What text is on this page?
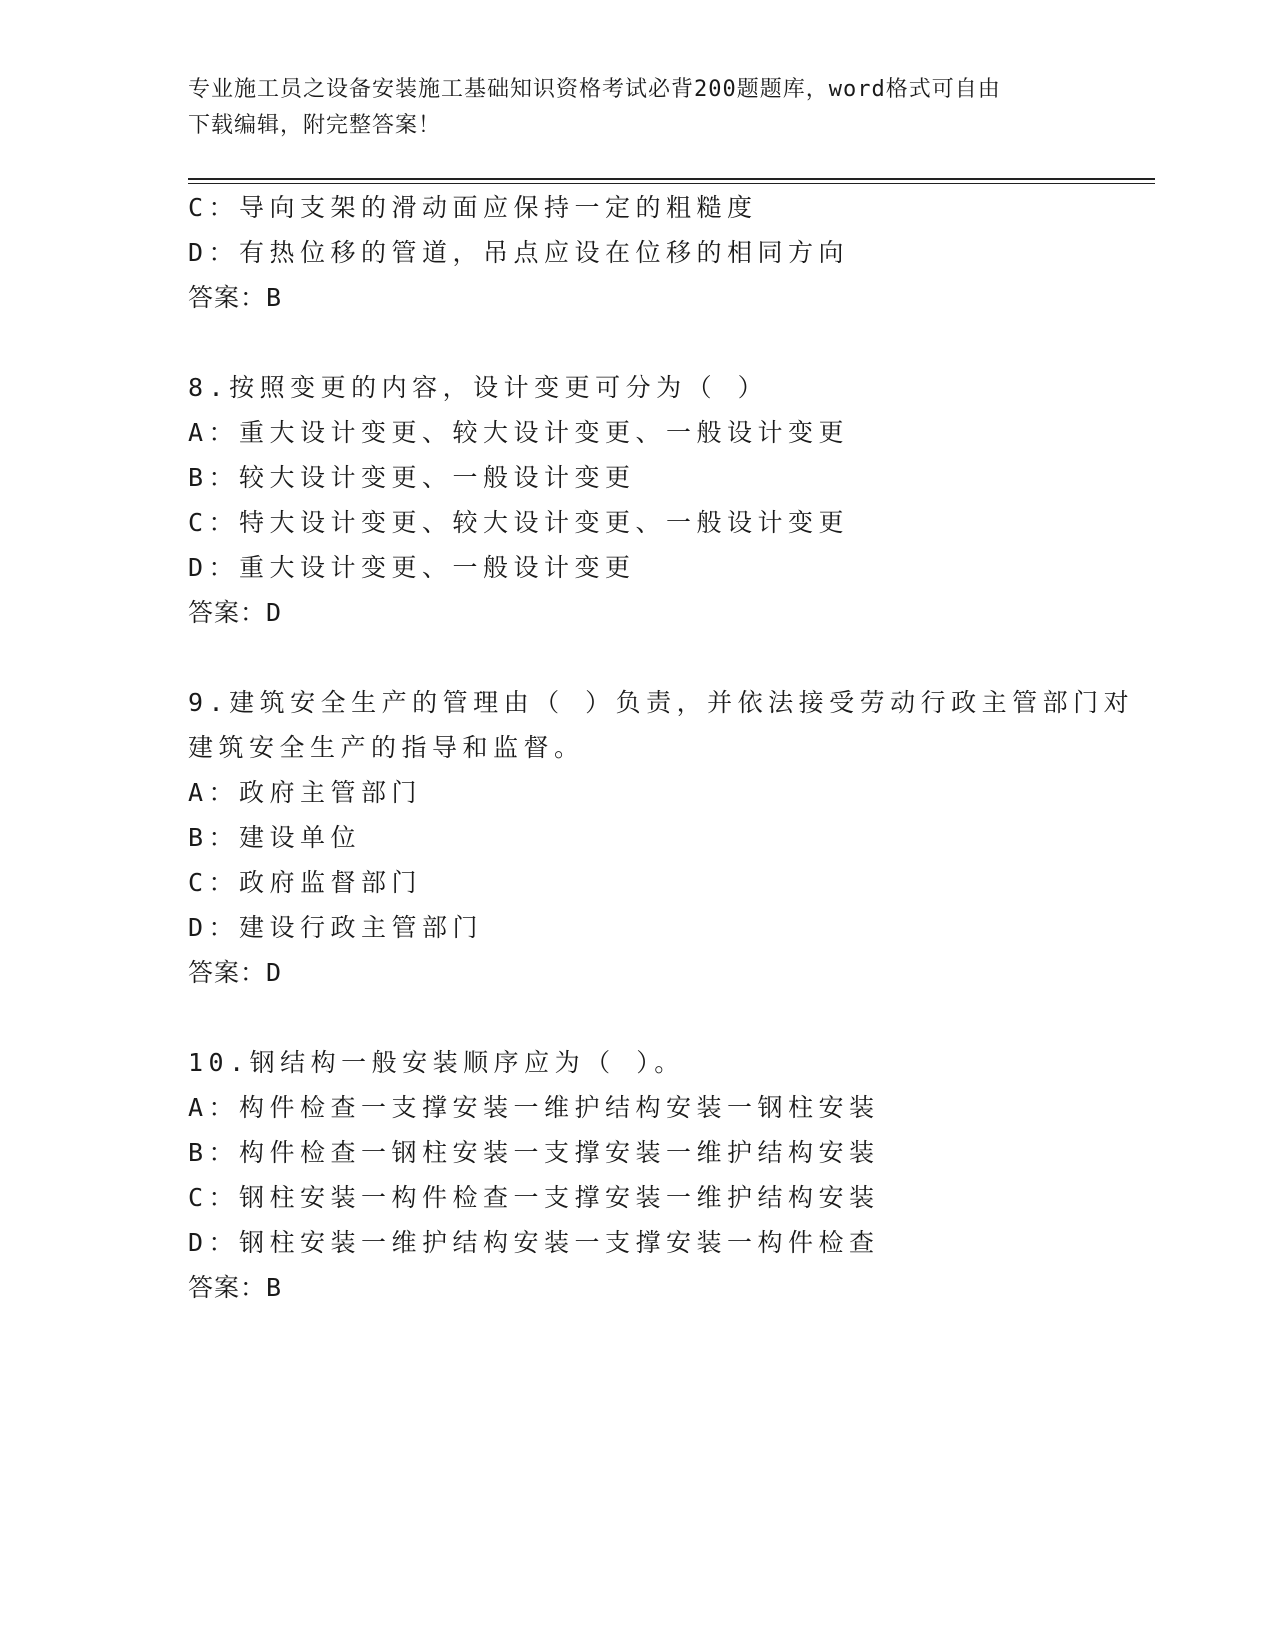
专业施工员之设备安装施工基础知识资格考试必背200题题库，word格式可自由
下载编辑，附完整答案！
C：导向支架的滑动面应保持一定的粗糙度
D：有热位移的管道，吊点应设在位移的相同方向
答案：B
8.按照变更的内容，设计变更可分为（ ）
A：重大设计变更、较大设计变更、一般设计变更
B：较大设计变更、一般设计变更
C：特大设计变更、较大设计变更、一般设计变更
D：重大设计变更、一般设计变更
答案：D
9.建筑安全生产的管理由（ ）负责，并依法接受劳动行政主管部门对
建筑安全生产的指导和监督。
A：政府主管部门
B：建设单位
C：政府监督部门
D：建设行政主管部门
答案：D
10.钢结构一般安装顺序应为（ ）。
A：构件检查一支撑安装一维护结构安装一钢柱安装
B：构件检查一钢柱安装一支撑安装一维护结构安装
C：钢柱安装一构件检查一支撑安装一维护结构安装
D：钢柱安装一维护结构安装一支撑安装一构件检查
答案：B
